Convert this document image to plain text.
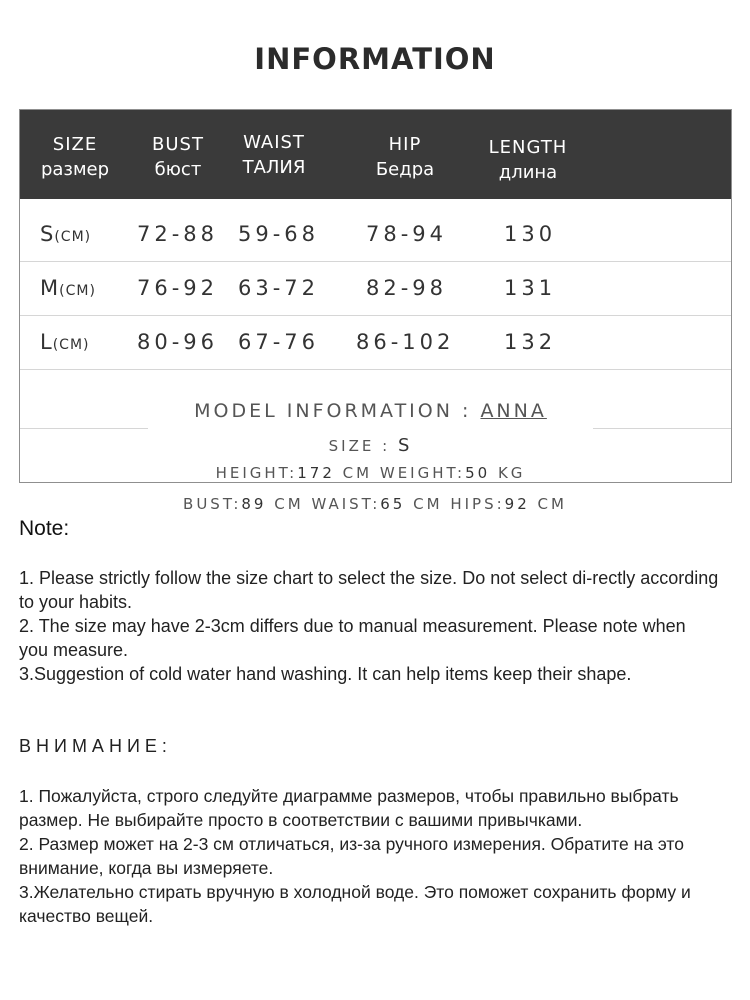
INFORMATION
SIZE
размер
BUST
бюст
WAIST
ТАЛИЯ
HIP
Бедра
LENGTH
длина
S(CM) 72-88 59-68 78-94	130
M(CM) 76-92 63-72 82-98	131
L(CM) 80-96 67-76 86-102 132
MODEL INFORMATION : ANNA
SIZE : S
HEIGHT:172 CM WEIGHT:50 KG
BUST:89 CM WAIST:65 CM HIPS:92 CM
Note:

1. Please strictly follow the size chart to select the size. Do not select di-rectly according to your habits.

2. The size may have 2-3cm differs due to manual measurement. Please note when you measure.

3.Suggestion of cold water hand washing. It can help items keep their shape.

ВНИМАНИЕ:

1. Пожалуйста, строго следуйте диаграмме размеров, чтобы правильно выбрать размер. Не выбирайте просто в соответствии с вашими привычками.

2. Размер может на 2-3 см отличаться, из-за ручного измерения. Обратите на это внимание, когда вы измеряете.

3.Желательно стирать вручную в холодной воде. Это поможет сохранить форму и качество вещей.
